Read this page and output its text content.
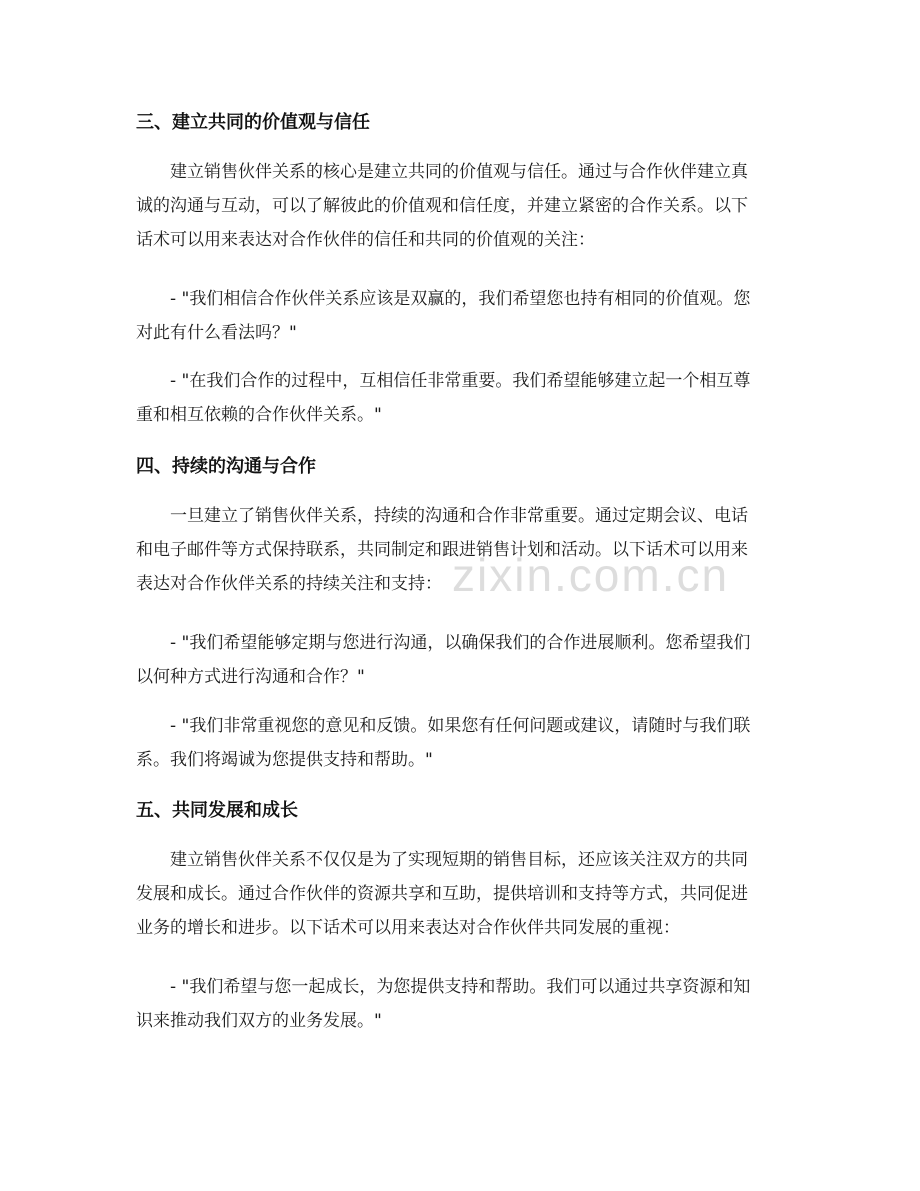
zixin.com.cn
三、建立共同的价值观与信任
建立销售伙伴关系的核心是建立共同的价值观与信任。通过与合作伙伴建立真
诚的沟通与互动，可以了解彼此的价值观和信任度，并建立紧密的合作关系。以下
话术可以用来表达对合作伙伴的信任和共同的价值观的关注：
- "我们相信合作伙伴关系应该是双赢的，我们希望您也持有相同的价值观。您
对此有什么看法吗？"
- "在我们合作的过程中，互相信任非常重要。我们希望能够建立起一个相互尊
重和相互依赖的合作伙伴关系。"
四、持续的沟通与合作
一旦建立了销售伙伴关系，持续的沟通和合作非常重要。通过定期会议、电话
和电子邮件等方式保持联系，共同制定和跟进销售计划和活动。以下话术可以用来
表达对合作伙伴关系的持续关注和支持：
- "我们希望能够定期与您进行沟通，以确保我们的合作进展顺利。您希望我们
以何种方式进行沟通和合作？"
- "我们非常重视您的意见和反馈。如果您有任何问题或建议，请随时与我们联
系。我们将竭诚为您提供支持和帮助。"
五、共同发展和成长
建立销售伙伴关系不仅仅是为了实现短期的销售目标，还应该关注双方的共同
发展和成长。通过合作伙伴的资源共享和互助，提供培训和支持等方式，共同促进
业务的增长和进步。以下话术可以用来表达对合作伙伴共同发展的重视：
- "我们希望与您一起成长，为您提供支持和帮助。我们可以通过共享资源和知
识来推动我们双方的业务发展。"
